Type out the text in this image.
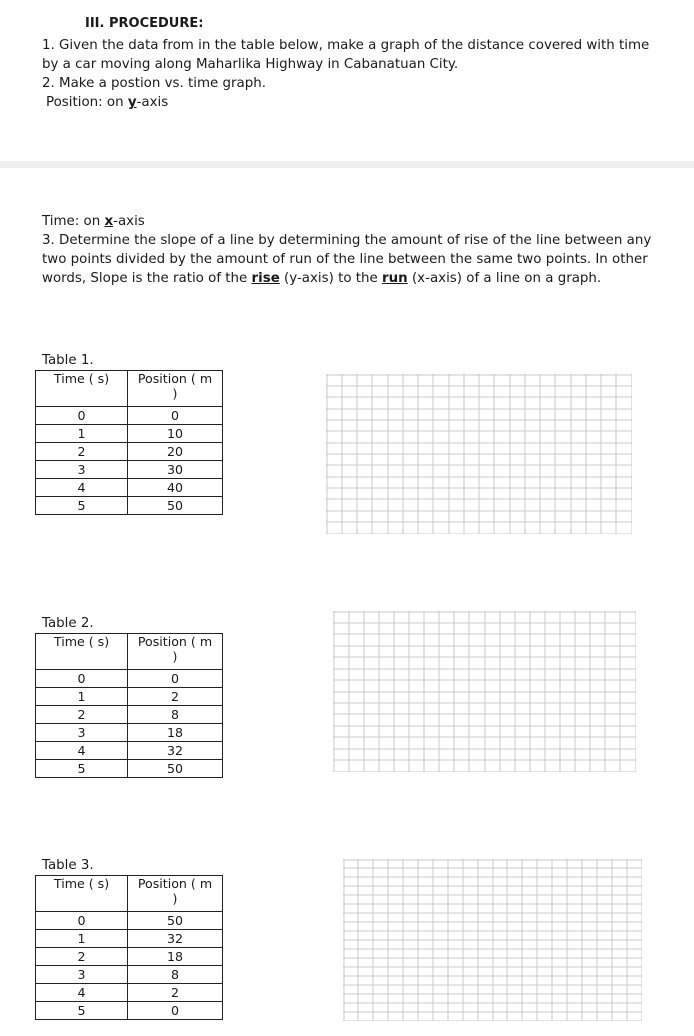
III. PROCEDURE:
1. Given the data from in the table below, make a graph of the distance covered with time
by a car moving along Maharlika Highway in Cabanatuan City.
2. Make a postion vs. time graph.
Position: on y-axis
Time: on x-axis
3. Determine the slope of a line by determining the amount of rise of the line between any
two points divided by the amount of run of the line between the same two points. In other
words, Slope is the ratio of the rise (y-axis) to the run (x-axis) of a line on a graph.
Table 1.
Time ( s)	Position ( m
)

0	0
1	10
2	20
3	30
4	40
5	50
Table 2.
Time ( s)	Position ( m
)

0	0
1	2
2	8
3	18
4	32
5	50
Table 3.
Time ( s)	Position ( m
)

0	50
1	32
2	18
3	8
4	2
5	0
